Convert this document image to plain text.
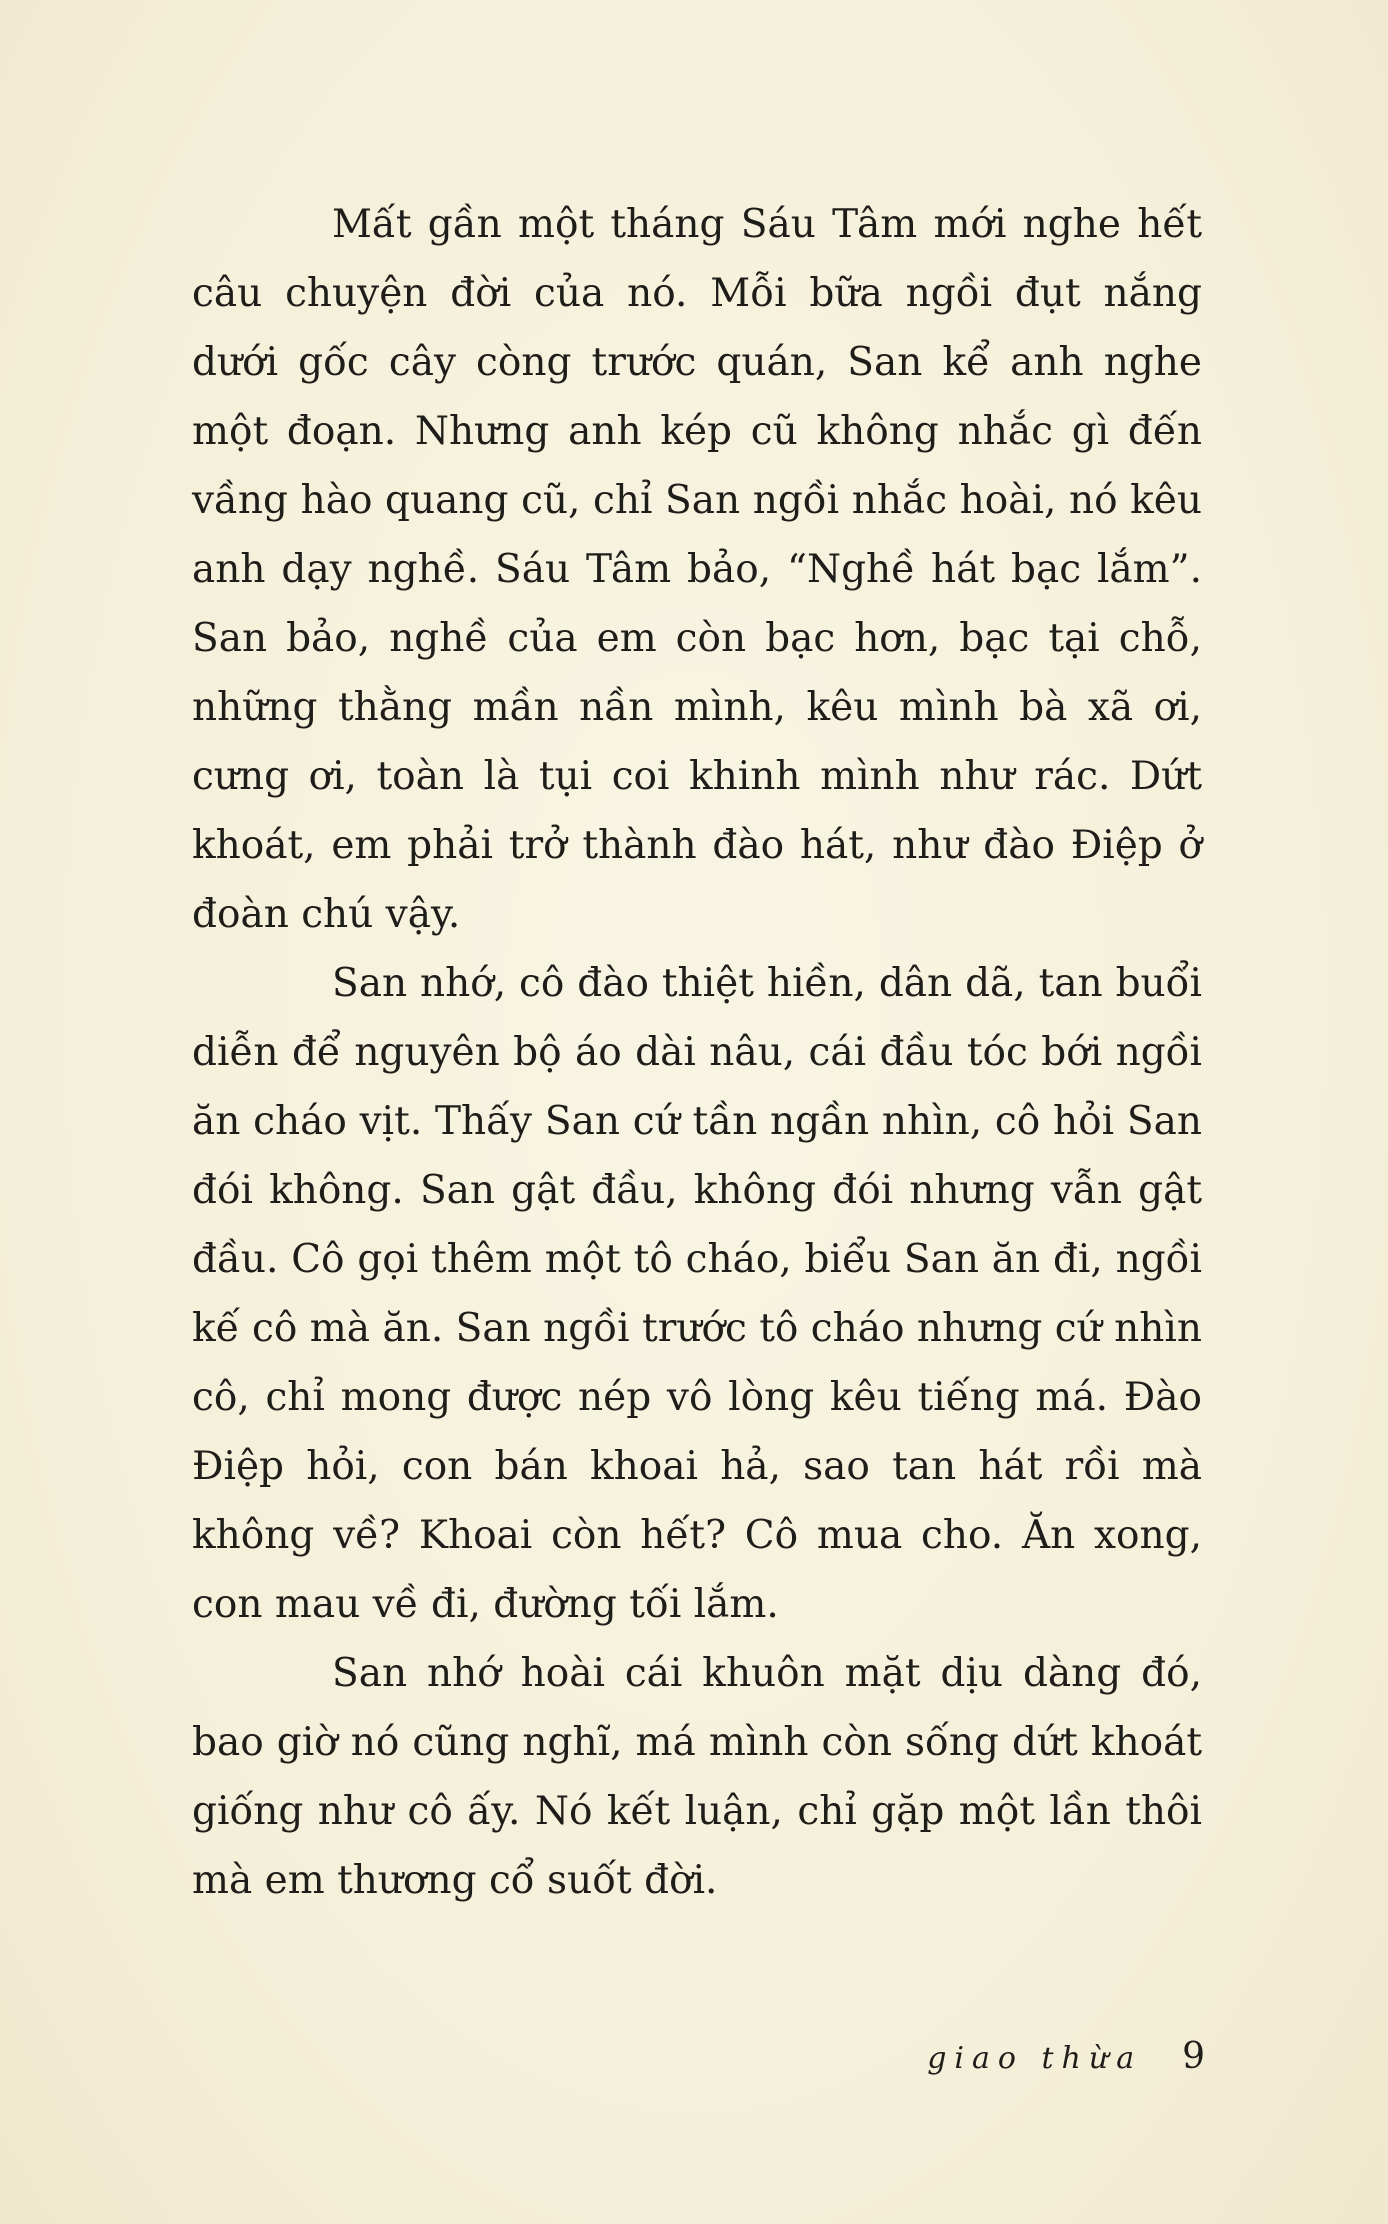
Mất gần một tháng Sáu Tâm mới nghe hết câu chuyện đời của nó. Mỗi bữa ngồi đụt nắng dưới gốc cây còng trước quán, San kể anh nghe một đoạn. Nhưng anh kép cũ không nhắc gì đến vầng hào quang cũ, chỉ San ngồi nhắc hoài, nó kêu anh dạy nghề. Sáu Tâm bảo, “Nghề hát bạc lắm”. San bảo, nghề của em còn bạc hơn, bạc tại chỗ, những thằng mần nần mình, kêu mình bà xã ơi, cưng ơi, toàn là tụi coi khinh mình như rác. Dứt khoát, em phải trở thành đào hát, như đào Điệp ở đoàn chú vậy.

San nhớ, cô đào thiệt hiền, dân dã, tan buổi diễn để nguyên bộ áo dài nâu, cái đầu tóc bới ngồi ăn cháo vịt. Thấy San cứ tần ngần nhìn, cô hỏi San đói không. San gật đầu, không đói nhưng vẫn gật đầu. Cô gọi thêm một tô cháo, biểu San ăn đi, ngồi kế cô mà ăn. San ngồi trước tô cháo nhưng cứ nhìn cô, chỉ mong được nép vô lòng kêu tiếng má. Đào Điệp hỏi, con bán khoai hả, sao tan hát rồi mà không về? Khoai còn hết? Cô mua cho. Ăn xong, con mau về đi, đường tối lắm.

San nhớ hoài cái khuôn mặt dịu dàng đó, bao giờ nó cũng nghĩ, má mình còn sống dứt khoát giống như cô ấy. Nó kết luận, chỉ gặp một lần thôi mà em thương cổ suốt đời.

giao thừa 9
